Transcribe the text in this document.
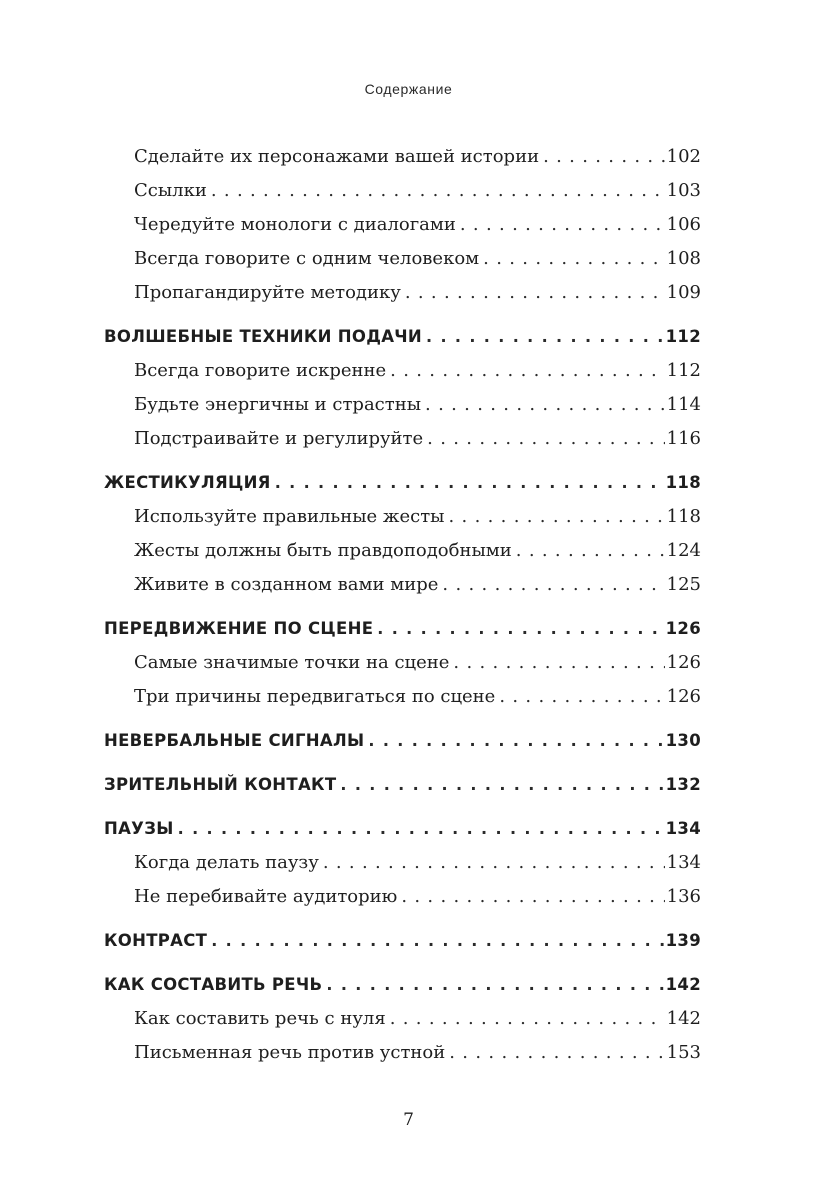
Содержание
Сделайте их персонажами вашей истории . . .	102
Ссылки . . .	103
Чередуйте монологи с диалогами . . .	106
Всегда говорите с одним человеком . . .	108
Пропагандируйте методику . . .	109
ВОЛШЕБНЫЕ ТЕХНИКИ ПОДАЧИ . . .	112
Всегда говорите искренне . . .	112
Будьте энергичны и страстны . . .	114
Подстраивайте и регулируйте . . .	116
ЖЕСТИКУЛЯЦИЯ . . .	118
Используйте правильные жесты . . .	118
Жесты должны быть правдоподобными . . .	124
Живите в созданном вами мире . . .	125
ПЕРЕДВИЖЕНИЕ ПО СЦЕНЕ . . .	126
Самые значимые точки на сцене . . .	126
Три причины передвигаться по сцене . . .	126
НЕВЕРБАЛЬНЫЕ СИГНАЛЫ . . .	130
ЗРИТЕЛЬНЫЙ КОНТАКТ . . .	132
ПАУЗЫ . . .	134
Когда делать паузу . . .	134
Не перебивайте аудиторию . . .	136
КОНТРАСТ . . .	139
КАК СОСТАВИТЬ РЕЧЬ . . .	142
Как составить речь с нуля . . .	142
Письменная речь против устной . . .	153
7
